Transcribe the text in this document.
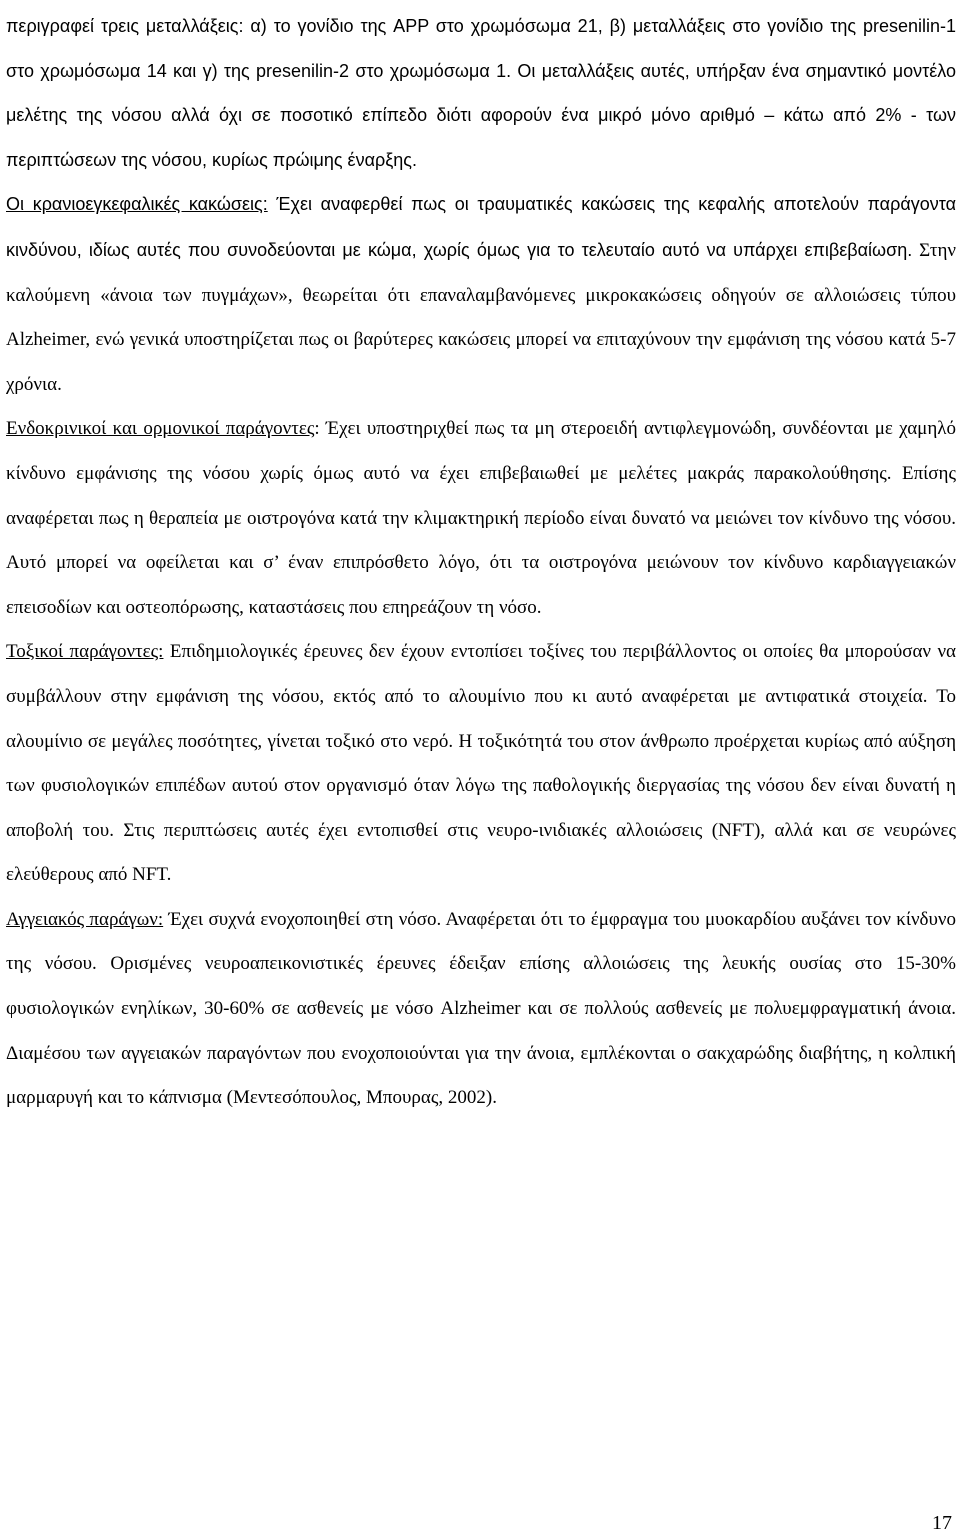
περιγραφεί τρεις μεταλλάξεις: α) το γονίδιο της APP στο χρωμόσωμα 21, β) μεταλλάξεις στο γονίδιο της presenilin-1 στο χρωμόσωμα 14 και γ) της presenilin-2 στο χρωμόσωμα 1. Οι μεταλλάξεις αυτές, υπήρξαν ένα σημαντικό μοντέλο μελέτης της νόσου αλλά όχι σε ποσοτικό επίπεδο διότι αφορούν ένα μικρό μόνο αριθμό – κάτω από 2% - των περιπτώσεων της νόσου, κυρίως πρώιμης έναρξης.

Οι κρανιοεγκεφαλικές κακώσεις: Έχει αναφερθεί πως οι τραυματικές κακώσεις της κεφαλής αποτελούν παράγοντα κινδύνου, ιδίως αυτές που συνοδεύονται με κώμα, χωρίς όμως για το τελευταίο αυτό να υπάρχει επιβεβαίωση. Στην καλούμενη «άνοια των πυγμάχων», θεωρείται ότι επαναλαμβανόμενες μικροκακώσεις οδηγούν σε αλλοιώσεις τύπου Alzheimer, ενώ γενικά υποστηρίζεται πως οι βαρύτερες κακώσεις μπορεί να επιταχύνουν την εμφάνιση της νόσου κατά 5-7 χρόνια.

Ενδοκρινικοί και ορμονικοί παράγοντες: Έχει υποστηριχθεί πως τα μη στεροειδή αντιφλεγμονώδη, συνδέονται με χαμηλό κίνδυνο εμφάνισης της νόσου χωρίς όμως αυτό να έχει επιβεβαιωθεί με μελέτες μακράς παρακολούθησης. Επίσης αναφέρεται πως η θεραπεία με οιστρογόνα κατά την κλιμακτηρική περίοδο είναι δυνατό να μειώνει τον κίνδυνο της νόσου. Αυτό μπορεί να οφείλεται και σ’ έναν επιπρόσθετο λόγο, ότι τα οιστρογόνα μειώνουν τον κίνδυνο καρδιαγγειακών επεισοδίων και οστεοπόρωσης, καταστάσεις που επηρεάζουν τη νόσο.

Τοξικοί παράγοντες: Επιδημιολογικές έρευνες δεν έχουν εντοπίσει τοξίνες του περιβάλλοντος οι οποίες θα μπορούσαν να συμβάλλουν στην εμφάνιση της νόσου, εκτός από το αλουμίνιο που κι αυτό αναφέρεται με αντιφατικά στοιχεία. Το αλουμίνιο σε μεγάλες ποσότητες, γίνεται τοξικό στο νερό. Η τοξικότητά του στον άνθρωπο προέρχεται κυρίως από αύξηση των φυσιολογικών επιπέδων αυτού στον οργανισμό όταν λόγω της παθολογικής διεργασίας της νόσου δεν είναι δυνατή η αποβολή του. Στις περιπτώσεις αυτές έχει εντοπισθεί στις νευρο-ινιδιακές αλλοιώσεις (NFT), αλλά και σε νευρώνες ελεύθερους από NFT.

Αγγειακός παράγων: Έχει συχνά ενοχοποιηθεί στη νόσο. Αναφέρεται ότι το έμφραγμα του μυοκαρδίου αυξάνει τον κίνδυνο της νόσου. Ορισμένες νευροαπεικονιστικές έρευνες έδειξαν επίσης αλλοιώσεις της λευκής ουσίας στο 15-30% φυσιολογικών ενηλίκων, 30-60% σε ασθενείς με νόσο Alzheimer και σε πολλούς ασθενείς με πολυεμφραγματική άνοια. Διαμέσου των αγγειακών παραγόντων που ενοχοποιούνται για την άνοια, εμπλέκονται ο σακχαρώδης διαβήτης, η κολπική μαρμαρυγή και το κάπνισμα (Μεντεσόπουλος, Μπουρας, 2002).

17
